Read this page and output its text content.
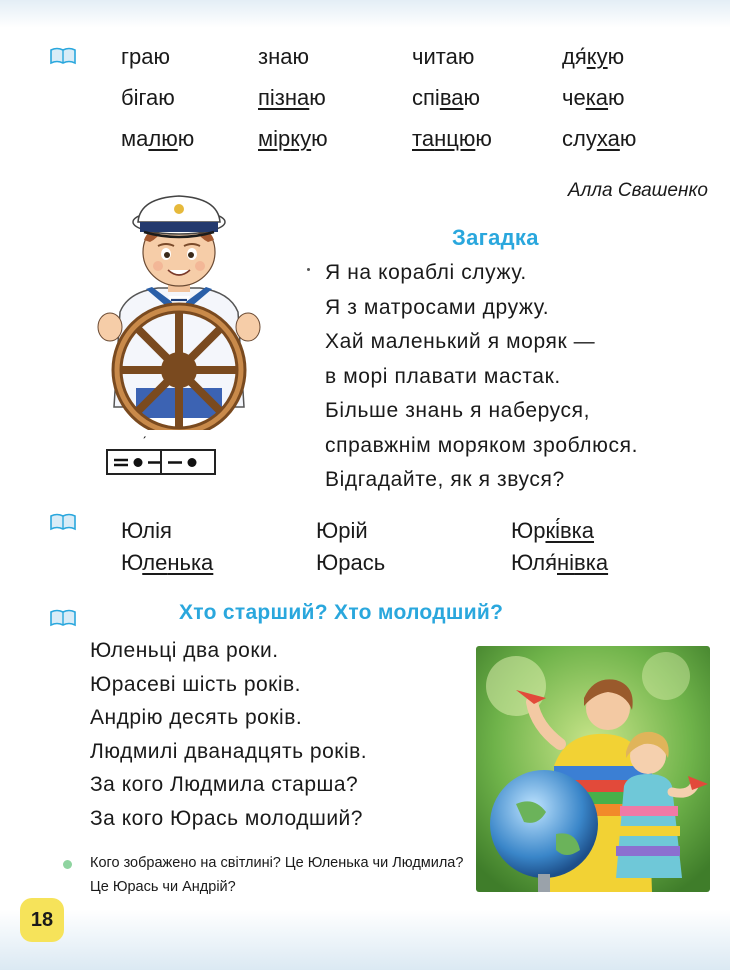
граю	знаю	читаю	дя́кую
бігаю	пізнаю	співаю	чекаю
малюю	міркую	танцюю	слухаю
Алла Свашенко
Загадка
Я на кораблі служу.
Я з матросами дружу.
Хай маленький я моряк —
в морі плавати мастак.
Більше знань я наберуся,
справжнім моряком зроблюся.
Відгадайте, як я звуся?
Юлія	Юрій	Юркі́вка
Юленька	Юрась	Юля́нівка
Хто старший? Хто молодший?
Юленьці два роки.
Юрасеві шість років.
Андрію десять років.
Людмилі дванадцять років.
За кого Людмила старша?
За кого Юрась молодший?
Кого зображено на світлині? Це Юленька чи Людмила? Це Юрась чи Андрій?
18
